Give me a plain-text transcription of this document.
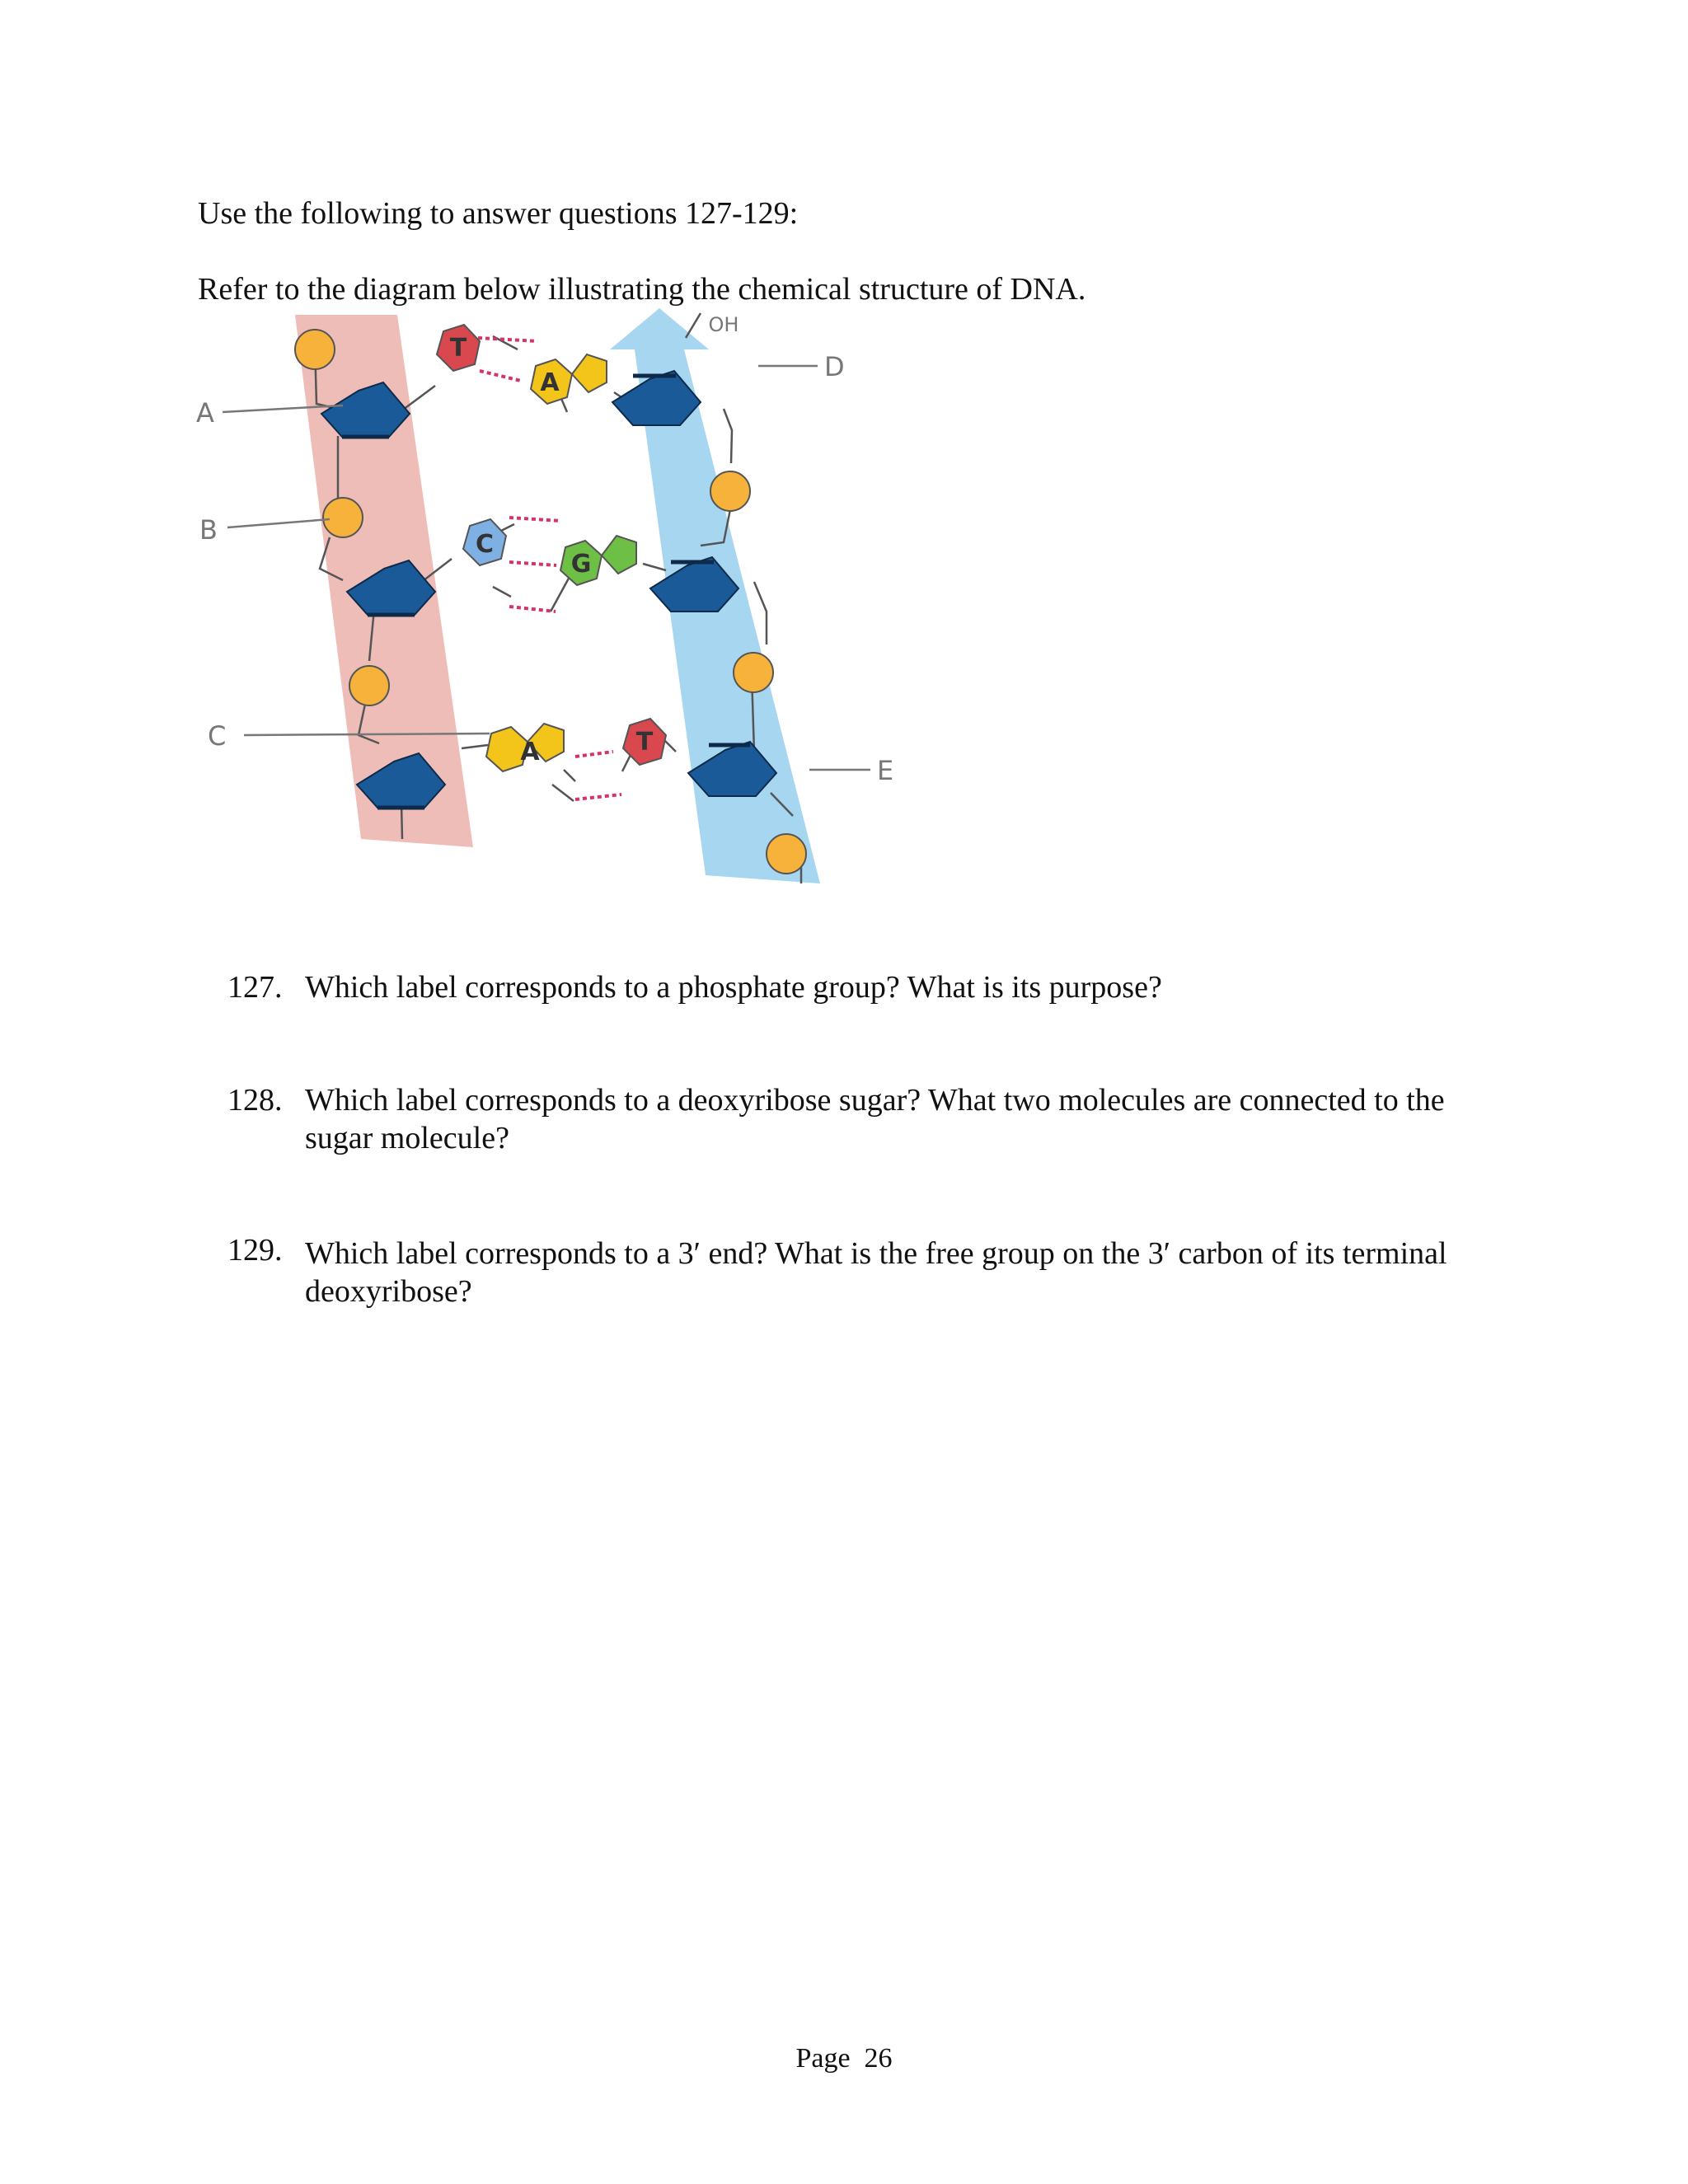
Use the following to answer questions 127-129:

Refer to the diagram below illustrating the chemical structure of DNA.

T
A
C
G
A	T
OH
A
B
C
D
E
127. Which label corresponds to a phosphate group? What is its purpose?
128. Which label corresponds to a deoxyribose sugar? What two molecules are connected to the sugar molecule?
129. Which label corresponds to a 3′ end? What is the free group on the 3′ carbon of its terminal deoxyribose?
Page 26
